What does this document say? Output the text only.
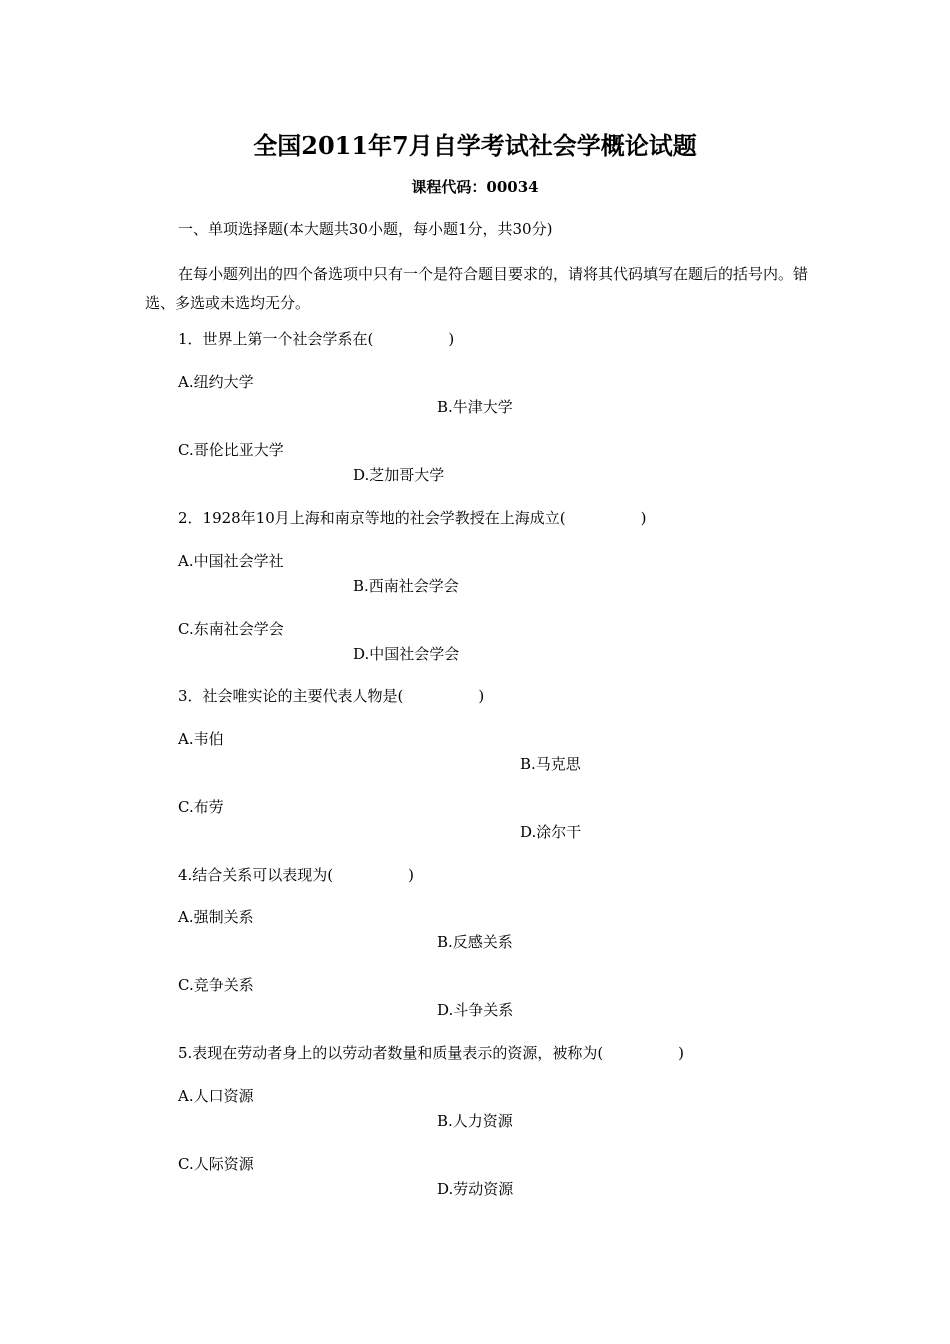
全国2011年7月自学考试社会学概论试题
课程代码：00034
一、单项选择题(本大题共30小题，每小题1分，共30分)
在每小题列出的四个备选项中只有一个是符合题目要求的，请将其代码填写在题后的括号内。错选、多选或未选均无分。
1．世界上第一个社会学系在(　　　　　)
A.纽约大学
B.牛津大学
C.哥伦比亚大学
D.芝加哥大学
2．1928年10月上海和南京等地的社会学教授在上海成立(　　　　　)
A.中国社会学社
B.西南社会学会
C.东南社会学会
D.中国社会学会
3．社会唯实论的主要代表人物是(　　　　　)
A.韦伯
B.马克思
C.布劳
D.涂尔干
4.结合关系可以表现为(　　　　　)
A.强制关系
B.反感关系
C.竞争关系
D.斗争关系
5.表现在劳动者身上的以劳动者数量和质量表示的资源，被称为(　　　　　)
A.人口资源
B.人力资源
C.人际资源
D.劳动资源
